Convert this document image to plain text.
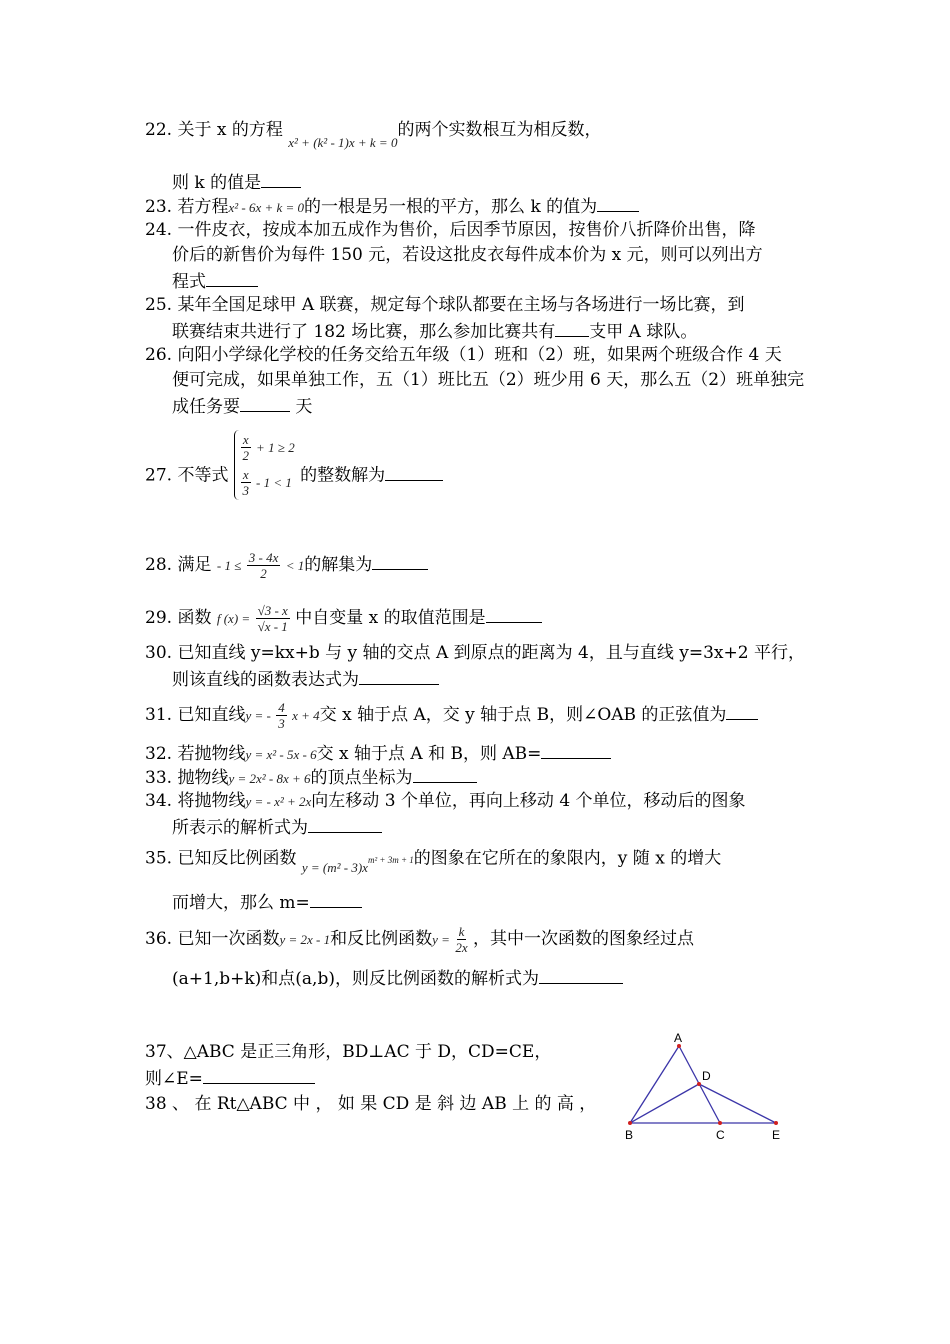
22. 关于 x 的方程 $_{x^2 + (k^2 - 1)x + k = 0}$的两个实数根互为相反数，
则 k 的值是
23. 若方程x² - 6x + k = 0的一根是另一根的平方，那么 k 的值为
24. 一件皮衣，按成本加五成作为售价，后因季节原因，按售价八折降价出售，降
价后的新售价为每件 150 元，若设这批皮衣每件成本价为 x 元，则可以列出方
程式
25. 某年全国足球甲 A 联赛，规定每个球队都要在主场与各场进行一场比赛，到
联赛结束共进行了 182 场比赛，那么参加比赛共有 支甲 A 球队。
26. 向阳小学绿化学校的任务交给五年级（1）班和（2）班，如果两个班级合作 4 天
便可完成，如果单独工作，五（1）班比五（2）班少用 6 天，那么五（2）班单独完
成任务要	天
27. 不等式
$\frac{x}{2} + 1 \ge 2$
$\frac{x}{3} - 1 < 1$ 的整数解为
28. 满足 - $1 \le \frac{3 - 4x}{2} < 1$的解集为
29. 函数 f $(x) = \frac{√3 - x}{√x - 1}$ 中自变量 x 的取值范围是
30. 已知直线 y=kx+b 与 y 轴的交点 A 到原点的距离为 4，且与直线 y=3x+2 平行，
则该直线的函数表达式为
31. 已知直线y = - $\frac{4}{3}$ x + 4交 x 轴于点 A，交 y 轴于点 B，则∠OAB 的正弦值为
32. 若抛物线y = x² - 5x - 6交 x 轴于点 A 和 B，则 AB=
33. 抛物线y = 2x² - 8x + 6的顶点坐标为
34. 将抛物线y = - x² + 2x向左移动 3 个单位，再向上移动 4 个单位，移动后的图象
所表示的解析式为
35. 已知反比例函数 $_{y = (m^2 - 3)x}^{m^2 + 3m + 1}$的图象在它所在的象限内，y 随 x 的增大
而增大，那么 m=
36. 已知一次函数y = 2x - 1和反比例函数$y = \frac{k}{2x}$ ，其中一次函数的图象经过点
(a+1,b+k)和点(a,b)，则反比例函数的解析式为
37、△ABC 是正三角形，BD⊥AC 于 D，CD=CE，
则∠E=
38 、 在 Rt△ABC 中 ， 如 果 CD 是 斜 边 AB 上 的 高 ，
A
B	C
D
E
